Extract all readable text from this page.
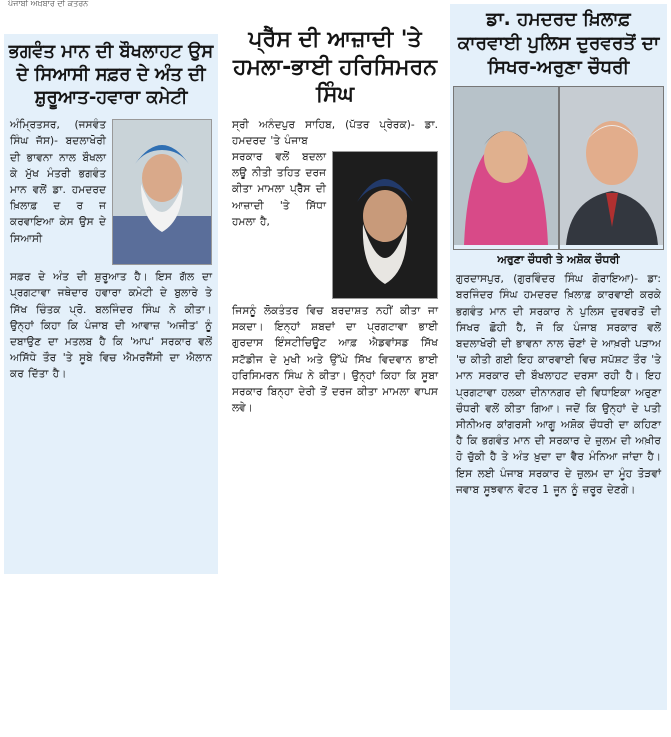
ਪੰਜਾਬੀ ਅਖ਼ਬਾਰ ਦੀ ਕਤਰਨ
ਭਗਵੰਤ ਮਾਨ ਦੀ ਬੌਖਲਾਹਟ ਉਸ ਦੇ ਸਿਆਸੀ ਸਫ਼ਰ ਦੇ ਅੰਤ ਦੀ ਸ਼ੁਰੂਆਤ-ਹਵਾਰਾ ਕਮੇਟੀ

ਅੰਮ੍ਰਿਤਸਰ, (ਜਸਵੰਤ ਸਿੰਘ ਜੱਸ)- ਬਦਲਾਖੋਰੀ ਦੀ ਭਾਵਨਾ ਨਾਲ ਬੌਖਲਾ ਕੇ ਮੁੱਖ ਮੰਤਰੀ ਭਗਵੰਤ ਮਾਨ ਵਲੋਂ ਡਾ. ਹਮਦਰਦ ਖ਼ਿਲਾਫ਼ ਦ ਰ ਜ ਕਰਵਾਇਆ ਕੇਸ ਉਸ ਦੇ ਸਿਆਸੀ

ਸਫ਼ਰ ਦੇ ਅੰਤ ਦੀ ਸ਼ੁਰੂਆਤ ਹੈ। ਇਸ ਗੱਲ ਦਾ ਪ੍ਰਗਟਾਵਾ ਜਥੇਦਾਰ ਹਵਾਰਾ ਕਮੇਟੀ ਦੇ ਬੁਲਾਰੇ ਤੇ ਸਿੱਖ ਚਿੰਤਕ ਪ੍ਰੋ. ਬਲਜਿੰਦਰ ਸਿੰਘ ਨੇ ਕੀਤਾ। ਉਨ੍ਹਾਂ ਕਿਹਾ ਕਿ ਪੰਜਾਬ ਦੀ ਆਵਾਜ਼ 'ਅਜੀਤ' ਨੂੰ ਦਬਾਉਣ ਦਾ ਮਤਲਬ ਹੈ ਕਿ 'ਆਪ' ਸਰਕਾਰ ਵਲੋਂ ਅਸਿੱਧੇ ਤੌਰ 'ਤੇ ਸੂਬੇ ਵਿਚ ਐਮਰਜੈਂਸੀ ਦਾ ਐਲਾਨ ਕਰ ਦਿੱਤਾ ਹੈ।

ਪ੍ਰੈੱਸ ਦੀ ਆਜ਼ਾਦੀ 'ਤੇ ਹਮਲਾ-ਭਾਈ ਹਰਿਸਿਮਰਨ ਸਿੰਘ

ਸ੍ਰੀ ਅਨੰਦਪੁਰ ਸਾਹਿਬ, (ਪੱਤਰ ਪ੍ਰੇਰਕ)- ਡਾ. ਹਮਦਰਦ 'ਤੇ ਪੰਜਾਬ

ਸਰਕਾਰ ਵਲੋਂ ਬਦਲਾ ਲਊ ਨੀਤੀ ਤਹਿਤ ਦਰਜ ਕੀਤਾ ਮਾਮਲਾ ਪ੍ਰੈੱਸ ਦੀ ਆਜ਼ਾਦੀ 'ਤੇ ਸਿੱਧਾ ਹਮਲਾ ਹੈ,

ਜਿਸਨੂੰ ਲੋਕਤੰਤਰ ਵਿਚ ਬਰਦਾਸ਼ਤ ਨਹੀਂ ਕੀਤਾ ਜਾ ਸਕਦਾ। ਇਨ੍ਹਾਂ ਸ਼ਬਦਾਂ ਦਾ ਪ੍ਰਗਟਾਵਾ ਭਾਈ ਗੁਰਦਾਸ ਇੰਸਟੀਚਿਊਟ ਆਫ਼ ਐਡਵਾਂਸਡ ਸਿੱਖ ਸਟੱਡੀਜ ਦੇ ਮੁਖੀ ਅਤੇ ਉੱਘੇ ਸਿੱਖ ਵਿਦਵਾਨ ਭਾਈ ਹਰਿਸਿਮਰਨ ਸਿੰਘ ਨੇ ਕੀਤਾ। ਉਨ੍ਹਾਂ ਕਿਹਾ ਕਿ ਸੂਬਾ ਸਰਕਾਰ ਬਿਨ੍ਹਾ ਦੇਰੀ ਤੋਂ ਦਰਜ ਕੀਤਾ ਮਾਮਲਾ ਵਾਪਸ ਲਵੇ।

ਡਾ. ਹਮਦਰਦ ਖ਼ਿਲਾਫ਼ ਕਾਰਵਾਈ ਪੁਲਿਸ ਦੁਰਵਰਤੋਂ ਦਾ ਸਿਖਰ-ਅਰੁਣਾ ਚੌਧਰੀ
ਅਰੁਣਾ ਚੌਧਰੀ ਤੇ ਅਸ਼ੋਕ ਚੌਧਰੀ

ਗੁਰਦਾਸਪੁਰ, (ਗੁਰਵਿੰਦਰ ਸਿੰਘ ਗੋਰਾਇਆ)- ਡਾ: ਬਰਜਿੰਦਰ ਸਿੰਘ ਹਮਦਰਦ ਖ਼ਿਲਾਫ਼ ਕਾਰਵਾਈ ਕਰਕੇ ਭਗਵੰਤ ਮਾਨ ਦੀ ਸਰਕਾਰ ਨੇ ਪੁਲਿਸ ਦੁਰਵਰਤੋਂ ਦੀ ਸਿਖਰ ਛੋਹੀ ਹੈ, ਜੋ ਕਿ ਪੰਜਾਬ ਸਰਕਾਰ ਵਲੋਂ ਬਦਲਾਖੋਰੀ ਦੀ ਭਾਵਨਾ ਨਾਲ ਚੋਣਾਂ ਦੇ ਆਖ਼ਰੀ ਪੜਾਅ 'ਚ ਕੀਤੀ ਗਈ ਇਹ ਕਾਰਵਾਈ ਵਿਚ ਸਪੱਸ਼ਟ ਤੌਰ 'ਤੇ ਮਾਨ ਸਰਕਾਰ ਦੀ ਬੌਖਲਾਹਟ ਦਰਸਾ ਰਹੀ ਹੈ। ਇਹ ਪ੍ਰਗਟਾਵਾ ਹਲਕਾ ਦੀਨਾਨਗਰ ਦੀ ਵਿਧਾਇਕਾ ਅਰੁਣਾ ਚੌਧਰੀ ਵਲੋਂ ਕੀਤਾ ਗਿਆ। ਜਦੋਂ ਕਿ ਉਨ੍ਹਾਂ ਦੇ ਪਤੀ ਸੀਨੀਅਰ ਕਾਂਗਰਸੀ ਆਗੂ ਅਸ਼ੋਕ ਚੌਧਰੀ ਦਾ ਕਹਿਣਾ ਹੈ ਕਿ ਭਗਵੰਤ ਮਾਨ ਦੀ ਸਰਕਾਰ ਦੇ ਜ਼ੁਲਮ ਦੀ ਅਖ਼ੀਰ ਹੋ ਚੁੱਕੀ ਹੈ ਤੇ ਅੰਤ ਖ਼ੁਦਾ ਦਾ ਵੈਰ ਮੰਨਿਆ ਜਾਂਦਾ ਹੈ। ਇਸ ਲਈ ਪੰਜਾਬ ਸਰਕਾਰ ਦੇ ਜ਼ੁਲਮ ਦਾ ਮੂੰਹ ਤੋੜਵਾਂ ਜਵਾਬ ਸੂਝਵਾਨ ਵੋਟਰ 1 ਜੂਨ ਨੂੰ ਜ਼ਰੂਰ ਦੇਣਗੇ।
